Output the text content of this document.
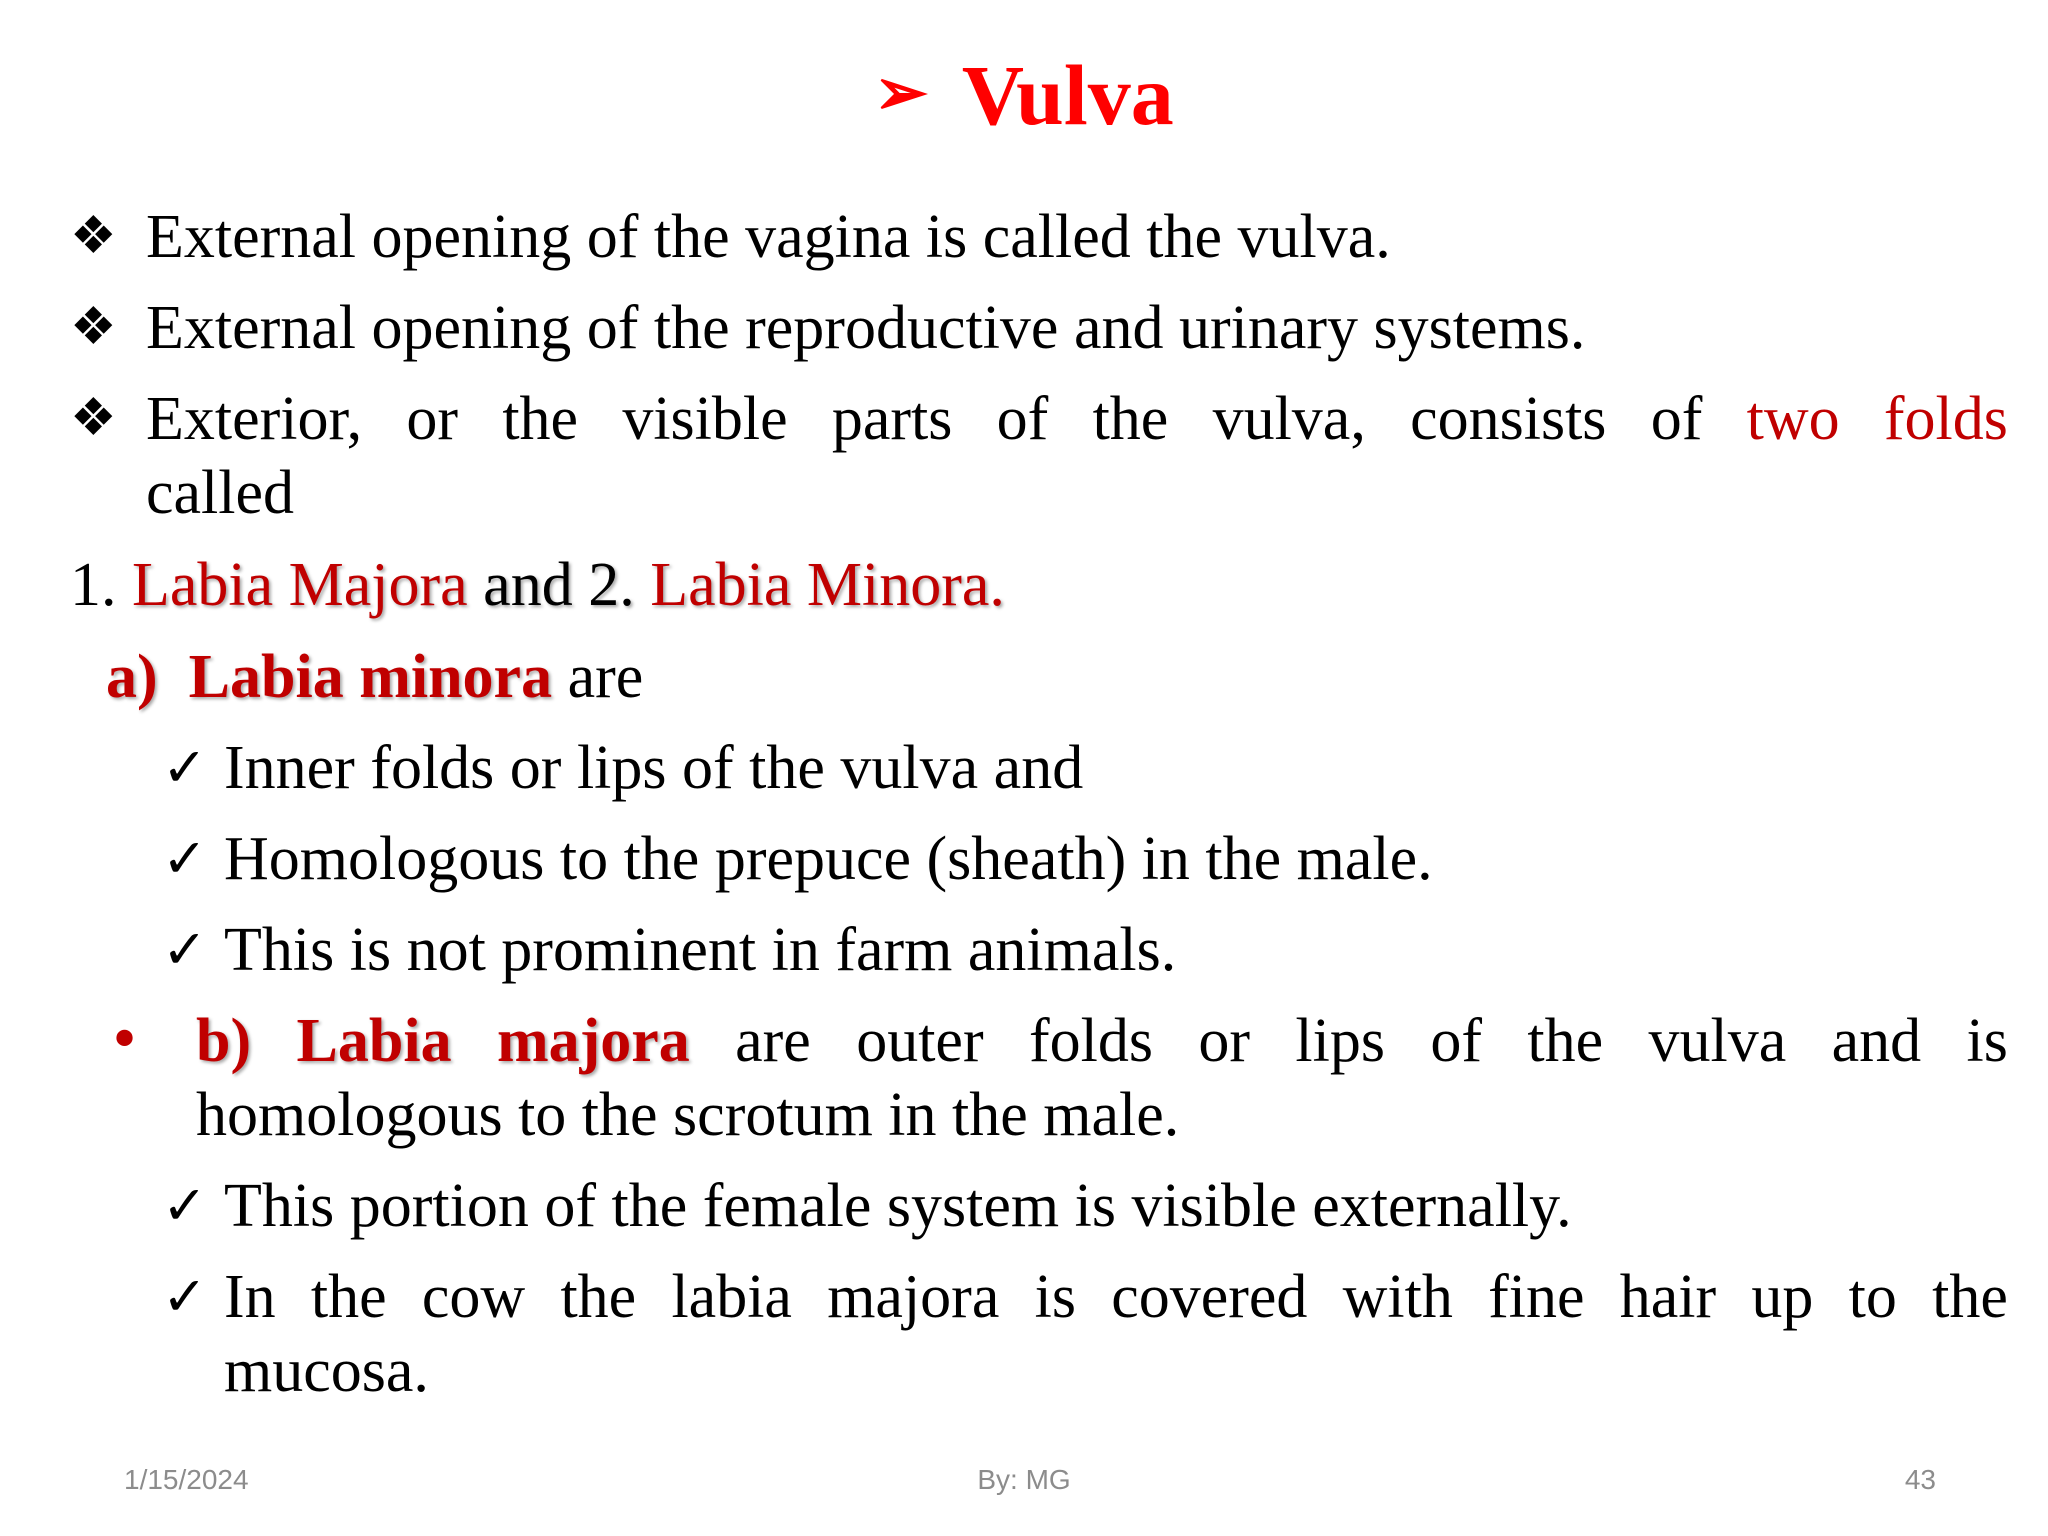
➢ Vulva
❖ External opening of the vagina is called the vulva.
❖ External opening of the reproductive and urinary systems.
❖ Exterior, or the visible parts of the vulva, consists of two folds
called
1. Labia Majora and 2. Labia Minora.
a)  Labia minora are
✓ Inner folds or lips of the vulva and
✓ Homologous to the prepuce (sheath) in the male.
✓ This is not prominent in farm animals.
• b) Labia majora are outer folds or lips of the vulva and is
homologous to the scrotum in the male.
✓ This portion of the female system is visible externally.
✓ In the cow the labia majora is covered with fine hair up to the
mucosa.
1/15/2024	By: MG	43
